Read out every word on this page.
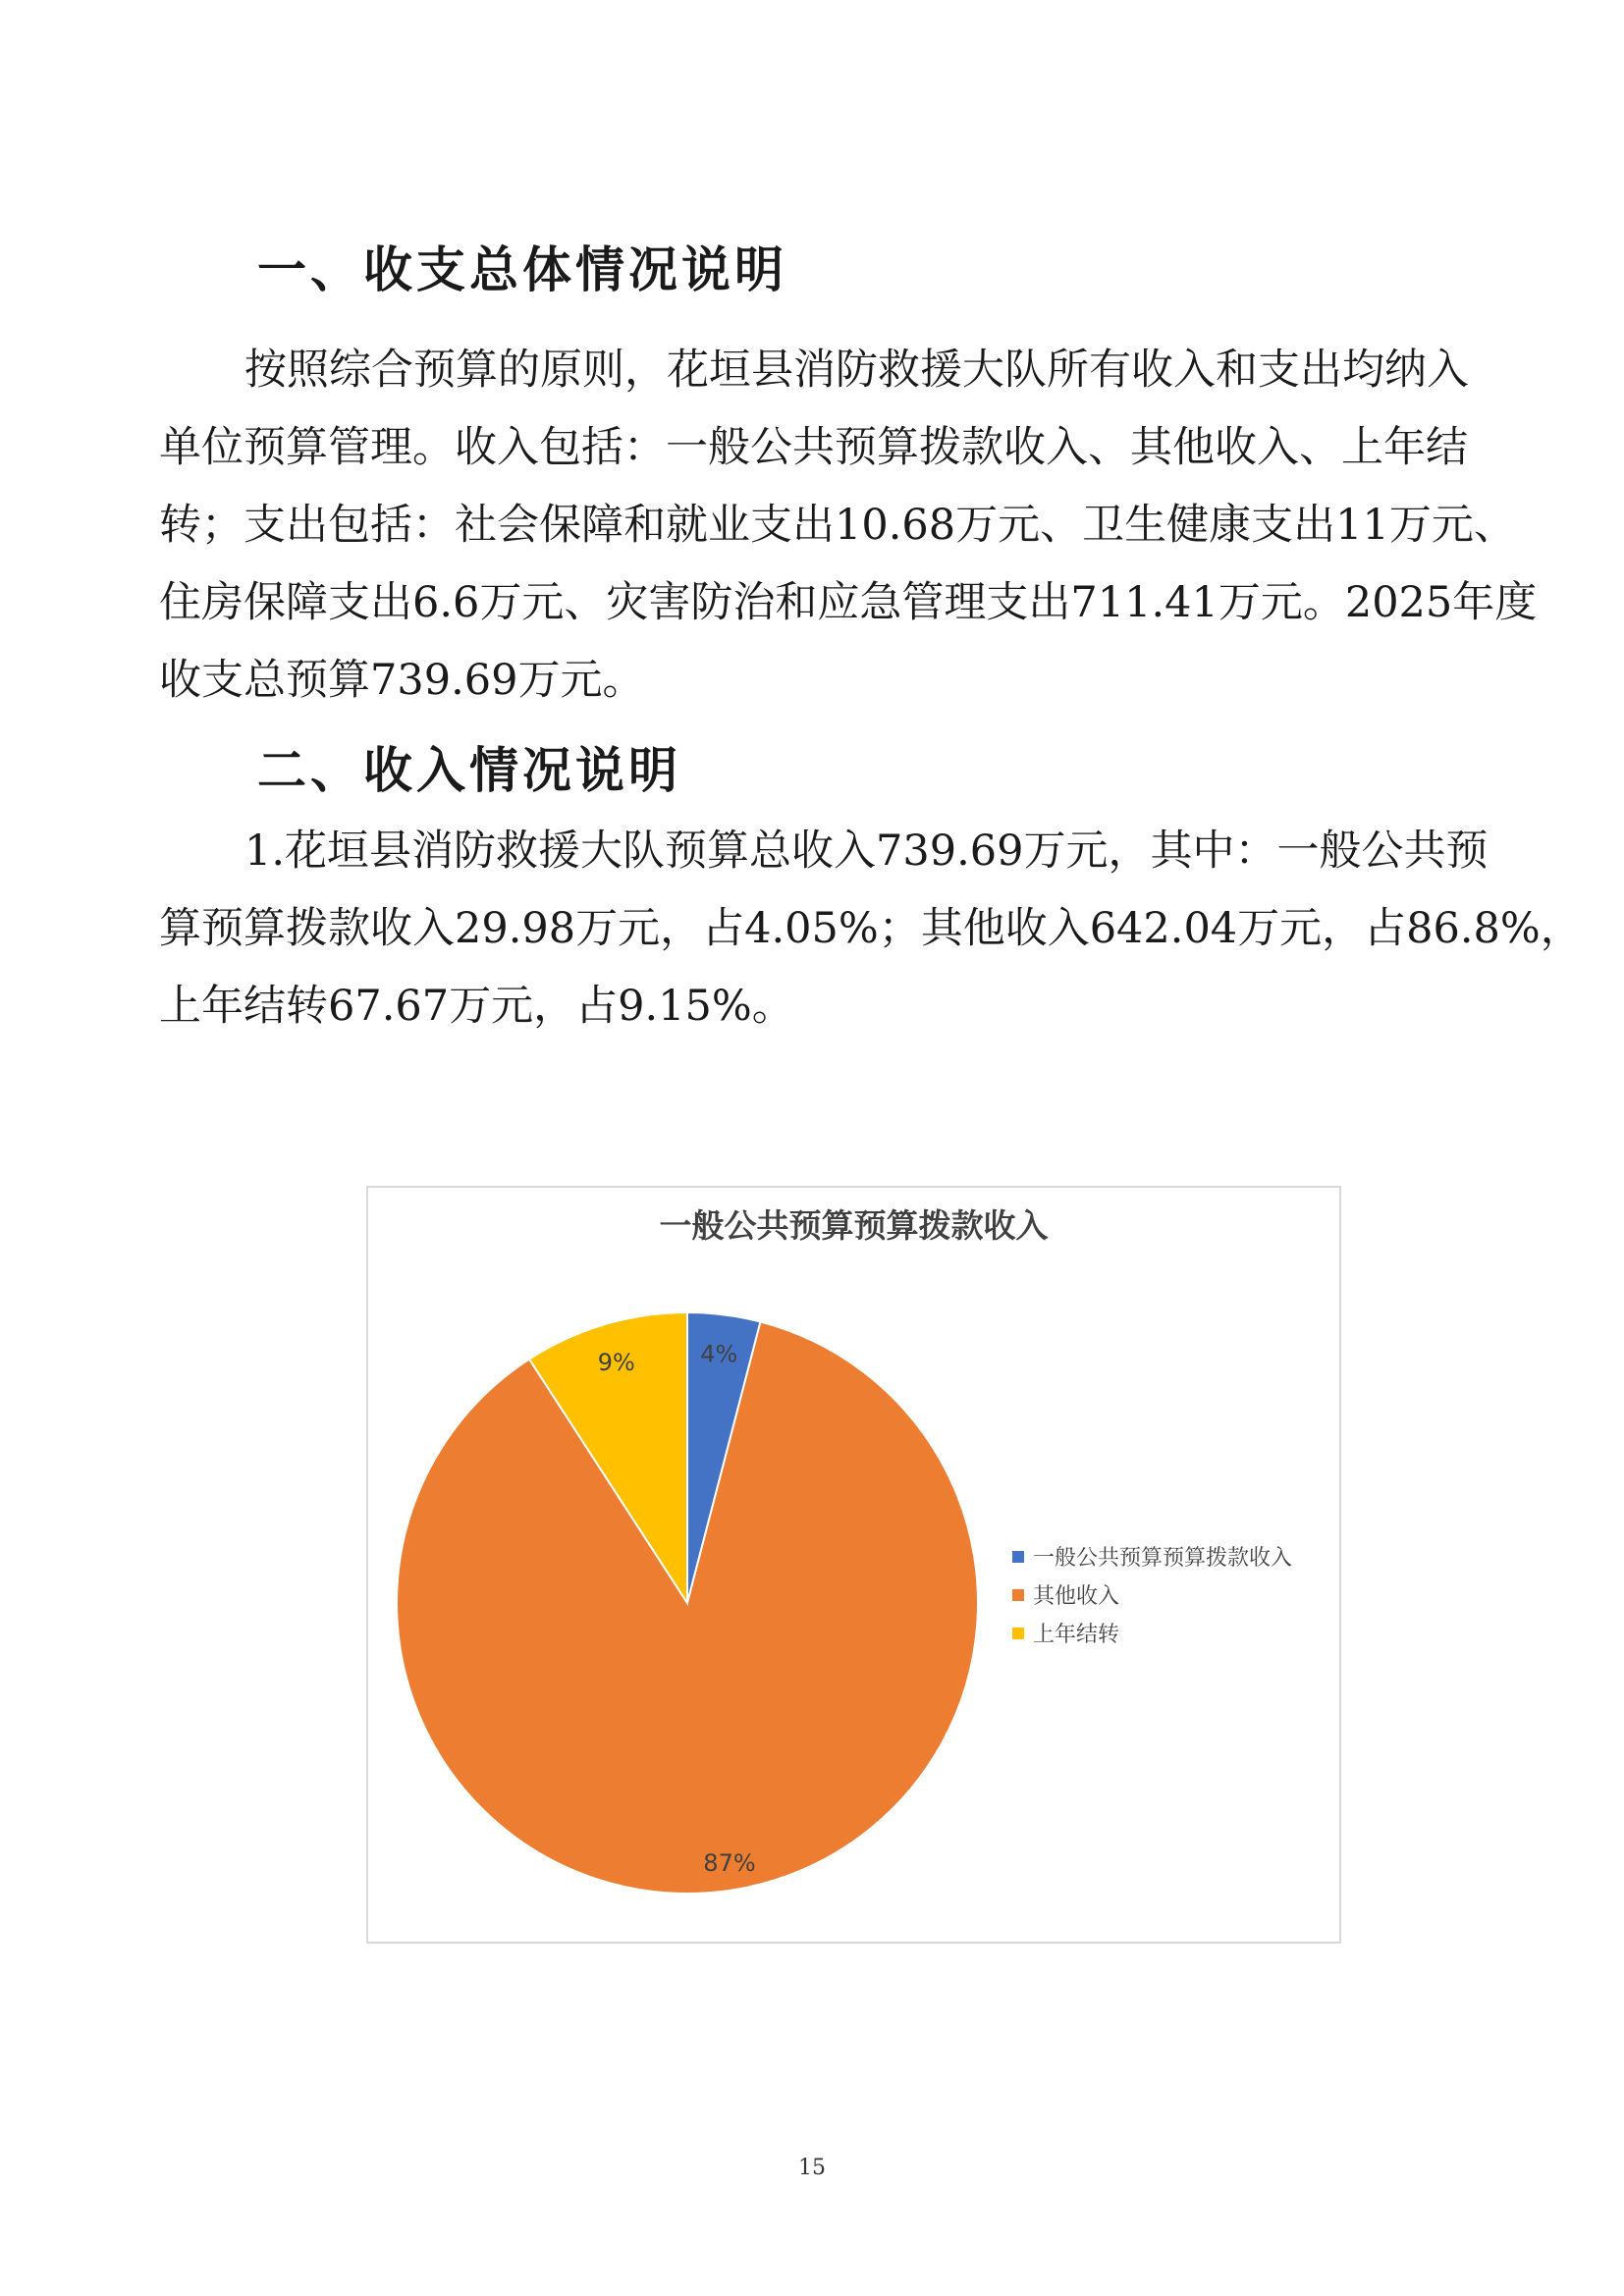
一、收支总体情况说明
按照综合预算的原则，花垣县消防救援大队所有收入和支出均纳入
单位预算管理。收入包括：一般公共预算拨款收入、其他收入、上年结
转；支出包括：社会保障和就业支出10.68万元、卫生健康支出11万元、
住房保障支出6.6万元、灾害防治和应急管理支出711.41万元。2025年度
收支总预算739.69万元。
二、收入情况说明
1.花垣县消防救援大队预算总收入739.69万元，其中：一般公共预
算预算拨款收入29.98万元，占4.05%；其他收入642.04万元，占86.8%，
上年结转67.67万元，占9.15%。
一般公共预算预算拨款收入
4%
87%
9%
一般公共预算预算拨款收入
其他收入
上年结转
15
